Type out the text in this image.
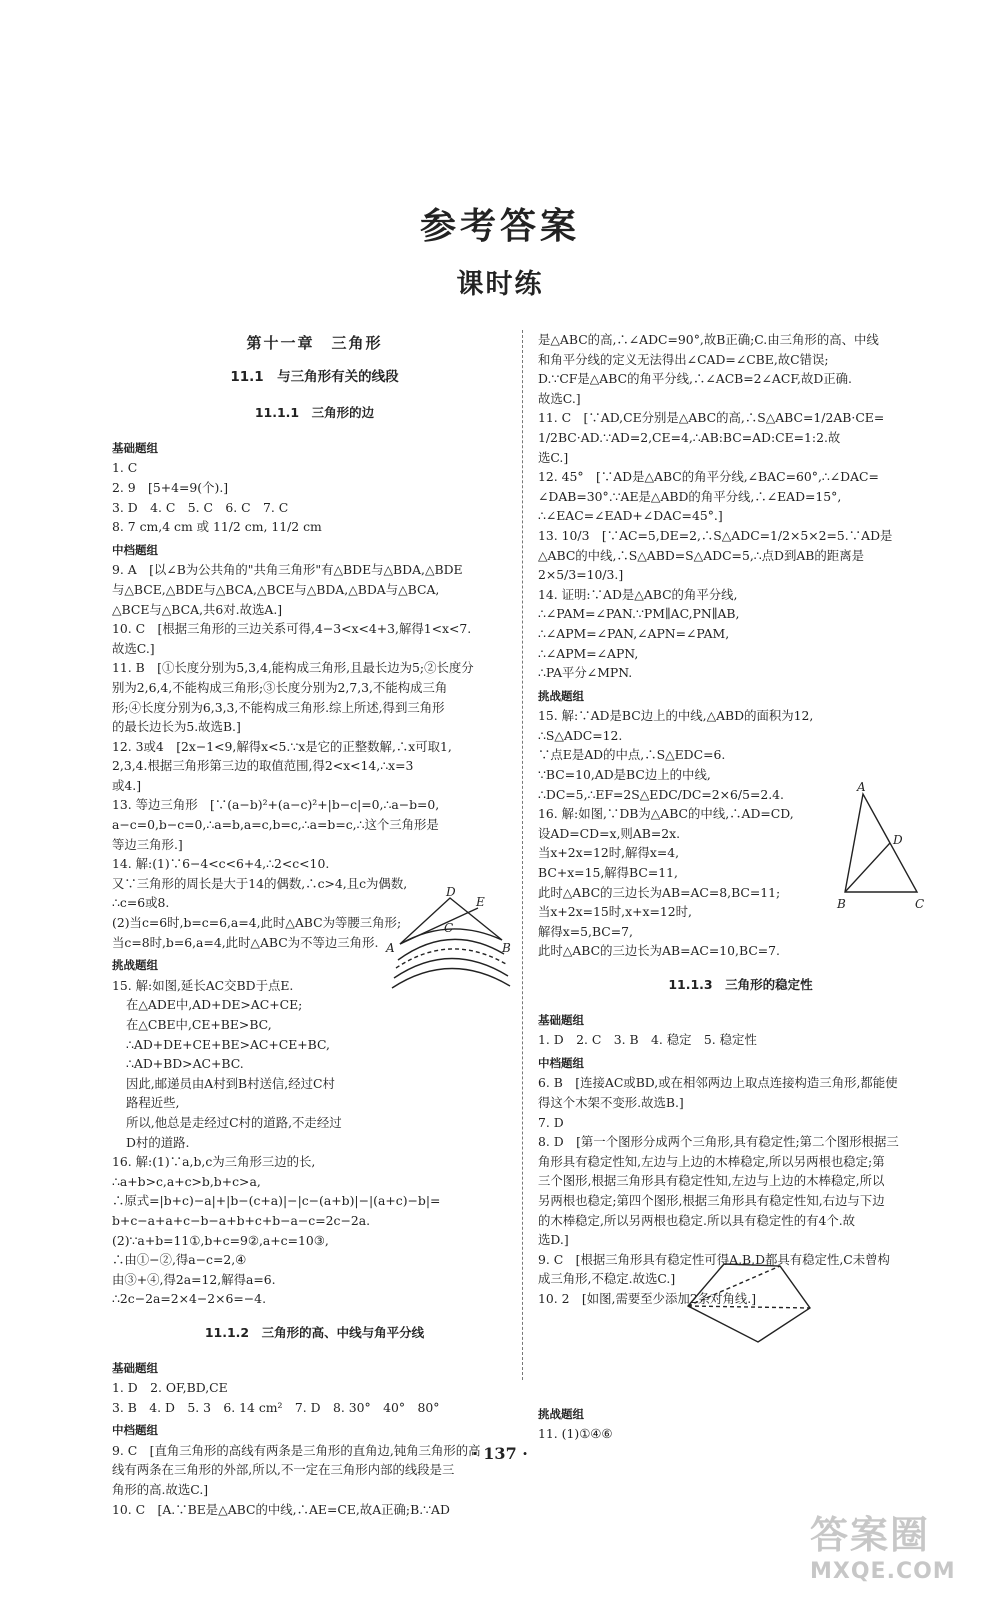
参考答案
课时练
第十一章　三角形
11.1　与三角形有关的线段
11.1.1　三角形的边
基础题组
1. C
2. 9　[5+4=9(个).]
3. D　4. C　5. C　6. C　7. C
8. 7 cm,4 cm 或 11/2 cm, 11/2 cm
中档题组
9. A　[以∠B为公共角的"共角三角形"有△BDE与△BDA,△BDE
与△BCE,△BDE与△BCA,△BCE与△BDA,△BDA与△BCA,
△BCE与△BCA,共6对.故选A.]
10. C　[根据三角形的三边关系可得,4−3<x<4+3,解得1<x<7.
故选C.]
11. B　[①长度分别为5,3,4,能构成三角形,且最长边为5;②长度分
别为2,6,4,不能构成三角形;③长度分别为2,7,3,不能构成三角
形;④长度分别为6,3,3,不能构成三角形.综上所述,得到三角形
的最长边长为5.故选B.]
12. 3或4　[2x−1<9,解得x<5.∵x是它的正整数解,∴x可取1,
2,3,4.根据三角形第三边的取值范围,得2<x<14,∴x=3
或4.]
13. 等边三角形　[∵(a−b)²+(a−c)²+|b−c|=0,∴a−b=0,
a−c=0,b−c=0,∴a=b,a=c,b=c,∴a=b=c,∴这个三角形是
等边三角形.]
14. 解:(1)∵6−4<c<6+4,∴2<c<10.
又∵三角形的周长是大于14的偶数,∴c>4,且c为偶数,
∴c=6或8.
(2)当c=6时,b=c=6,a=4,此时△ABC为等腰三角形;
当c=8时,b=6,a=4,此时△ABC为不等边三角形.
挑战题组
15. 解:如图,延长AC交BD于点E.
在△ADE中,AD+DE>AC+CE;
在△CBE中,CE+BE>BC,
∴AD+DE+CE+BE>AC+CE+BC,
∴AD+BD>AC+BC.
因此,邮递员由A村到B村送信,经过C村
路程近些,
所以,他总是走经过C村的道路,不走经过
D村的道路.
16. 解:(1)∵a,b,c为三角形三边的长,
∴a+b>c,a+c>b,b+c>a,
∴原式=|b+c)−a|+|b−(c+a)|−|c−(a+b)|−|(a+c)−b|=
b+c−a+a+c−b−a+b+c+b−a−c=2c−2a.
(2)∵a+b=11①,b+c=9②,a+c=10③,
∴由①−②,得a−c=2,④
由③+④,得2a=12,解得a=6.
∴2c−2a=2×4−2×6=−4.
11.1.2　三角形的高、中线与角平分线
基础题组
1. D　2. OF,BD,CE
3. B　4. D　5. 3　6. 14 cm²　7. D　8. 30°　40°　80°
中档题组
9. C　[直角三角形的高线有两条是三角形的直角边,钝角三角形的高
线有两条在三角形的外部,所以,不一定在三角形内部的线段是三
角形的高.故选C.]
10. C　[A.∵BE是△ABC的中线,∴AE=CE,故A正确;B.∵AD
A	B
C
D
E
是△ABC的高,∴∠ADC=90°,故B正确;C.由三角形的高、中线
和角平分线的定义无法得出∠CAD=∠CBE,故C错误;
D.∵CF是△ABC的角平分线,∴∠ACB=2∠ACF,故D正确.
故选C.]
11. C　[∵AD,CE分别是△ABC的高,∴S△ABC=1/2AB·CE=
1/2BC·AD.∵AD=2,CE=4,∴AB:BC=AD:CE=1:2.故
选C.]
12. 45°　[∵AD是△ABC的角平分线,∠BAC=60°,∴∠DAC=
∠DAB=30°.∵AE是△ABD的角平分线,∴∠EAD=15°,
∴∠EAC=∠EAD+∠DAC=45°.]
13. 10/3　[∵AC=5,DE=2,∴S△ADC=1/2×5×2=5.∵AD是
△ABC的中线,∴S△ABD=S△ADC=5,∴点D到AB的距离是
2×5/3=10/3.]
14. 证明:∵AD是△ABC的角平分线,
∴∠PAM=∠PAN.∵PM∥AC,PN∥AB,
∴∠APM=∠PAN,∠APN=∠PAM,
∴∠APM=∠APN,
∴PA平分∠MPN.
挑战题组
15. 解:∵AD是BC边上的中线,△ABD的面积为12,
∴S△ADC=12.
∵点E是AD的中点,∴S△EDC=6.
∵BC=10,AD是BC边上的中线,
∴DC=5,∴EF=2S△EDC/DC=2×6/5=2.4.
16. 解:如图,∵DB为△ABC的中线,∴AD=CD,
设AD=CD=x,则AB=2x.
当x+2x=12时,解得x=4,
BC+x=15,解得BC=11,
此时△ABC的三边长为AB=AC=8,BC=11;
当x+2x=15时,x+x=12时,
解得x=5,BC=7,
此时△ABC的三边长为AB=AC=10,BC=7.
11.1.3　三角形的稳定性
基础题组
1. D　2. C　3. B　4. 稳定　5. 稳定性
中档题组
6. B　[连接AC或BD,或在相邻两边上取点连接构造三角形,都能使
得这个木架不变形.故选B.]
7. D
8. D　[第一个图形分成两个三角形,具有稳定性;第二个图形根据三
角形具有稳定性知,左边与上边的木棒稳定,所以另两根也稳定;第
三个图形,根据三角形具有稳定性知,左边与上边的木棒稳定,所以
另两根也稳定;第四个图形,根据三角形具有稳定性知,右边与下边
的木棒稳定,所以另两根也稳定.所以具有稳定性的有4个.故
选D.]
9. C　[根据三角形具有稳定性可得A,B,D都具有稳定性,C未曾构
成三角形,不稳定.故选C.]
10. 2　[如图,需要至少添加2条对角线.]
挑战题组
11. (1)①④⑥
A
B	C
D
· 137 ·
答案圈
MXQE.COM
